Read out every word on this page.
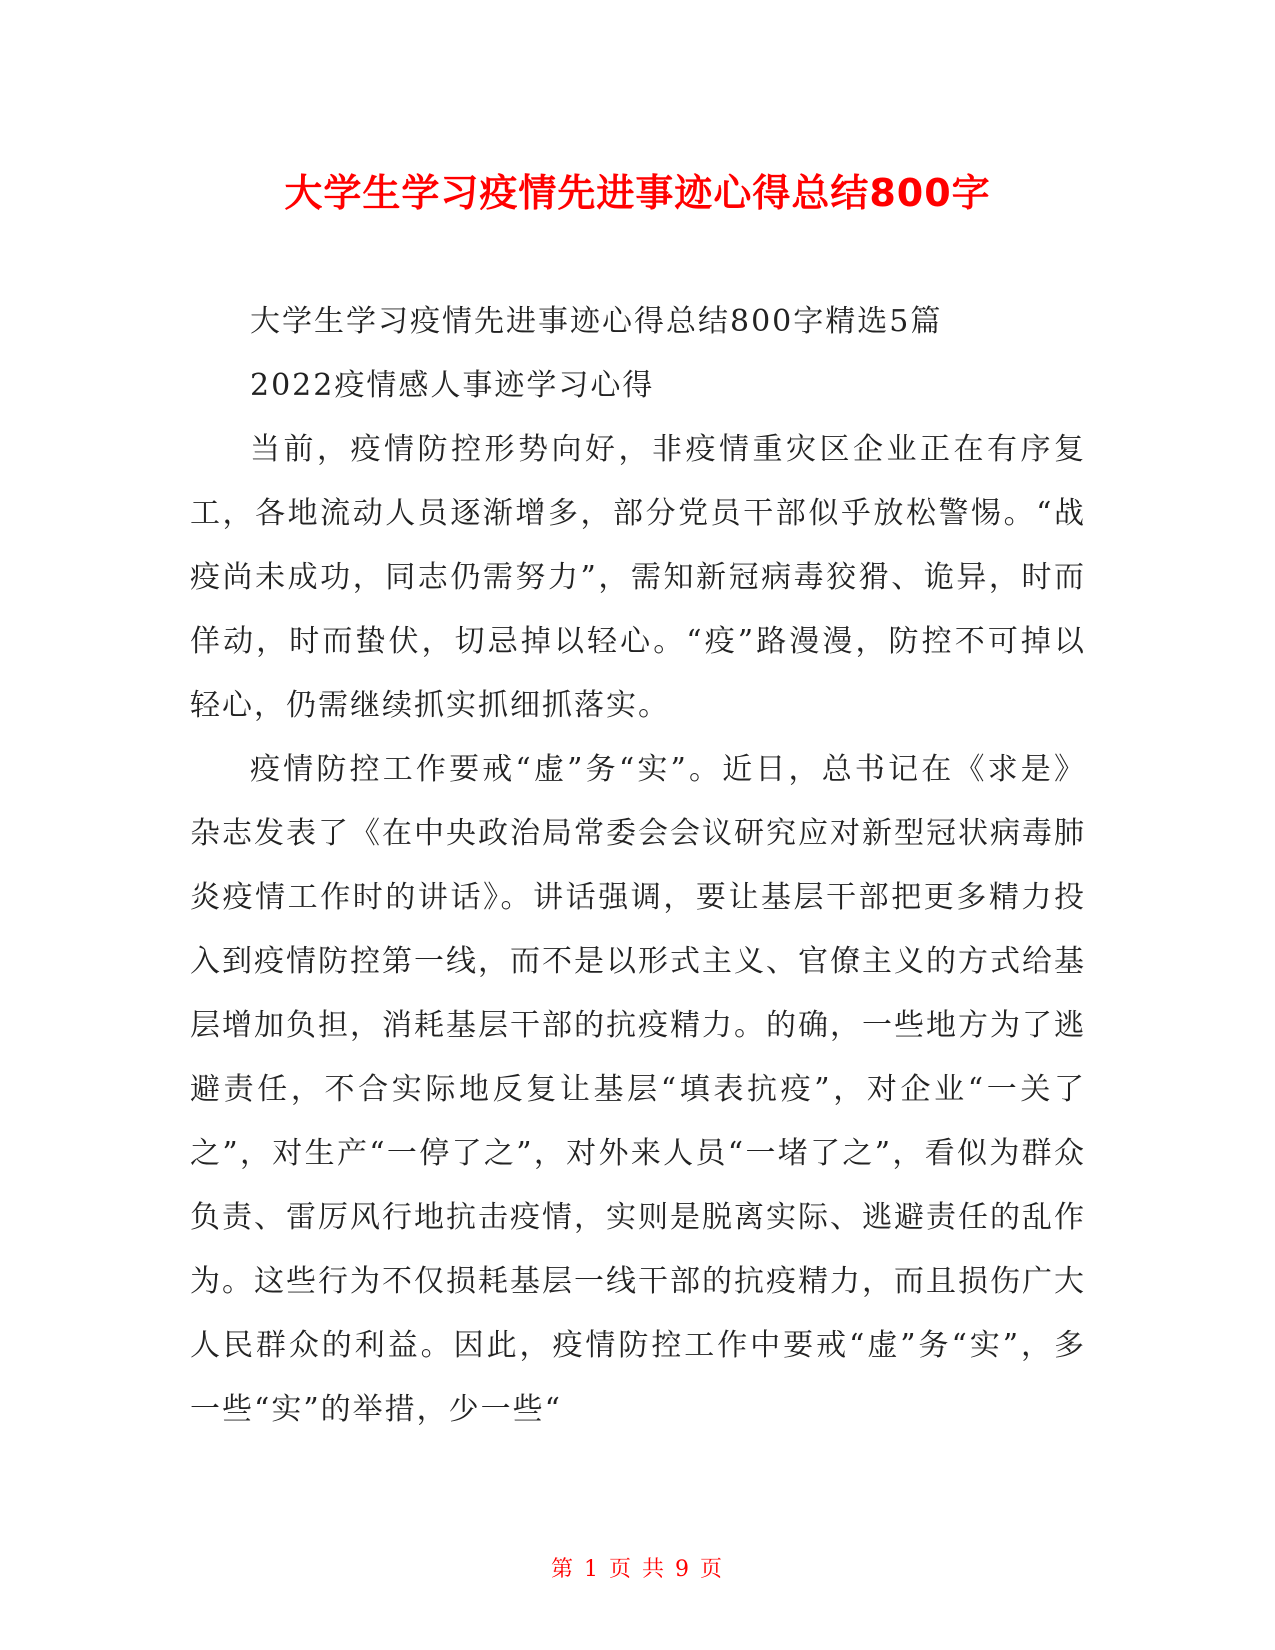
大学生学习疫情先进事迹心得总结800字

大学生学习疫情先进事迹心得总结800字精选5篇

2022疫情感人事迹学习心得

当前，疫情防控形势向好，非疫情重灾区企业正在有序复工，各地流动人员逐渐增多，部分党员干部似乎放松警惕。“战疫尚未成功，同志仍需努力”，需知新冠病毒狡猾、诡异，时而佯动，时而蛰伏，切忌掉以轻心。“疫”路漫漫，防控不可掉以轻心，仍需继续抓实抓细抓落实。

疫情防控工作要戒“虚”务“实”。近日，总书记在《求是》杂志发表了《在中央政治局常委会会议研究应对新型冠状病毒肺炎疫情工作时的讲话》。讲话强调，要让基层干部把更多精力投入到疫情防控第一线，而不是以形式主义、官僚主义的方式给基层增加负担，消耗基层干部的抗疫精力。的确，一些地方为了逃避责任，不合实际地反复让基层“填表抗疫”，对企业“一关了之”，对生产“一停了之”，对外来人员“一堵了之”，看似为群众负责、雷厉风行地抗击疫情，实则是脱离实际、逃避责任的乱作为。这些行为不仅损耗基层一线干部的抗疫精力，而且损伤广大人民群众的利益。因此，疫情防控工作中要戒“虚”务“实”，多一些“实”的举措，少一些“

第 1 页 共 9 页
